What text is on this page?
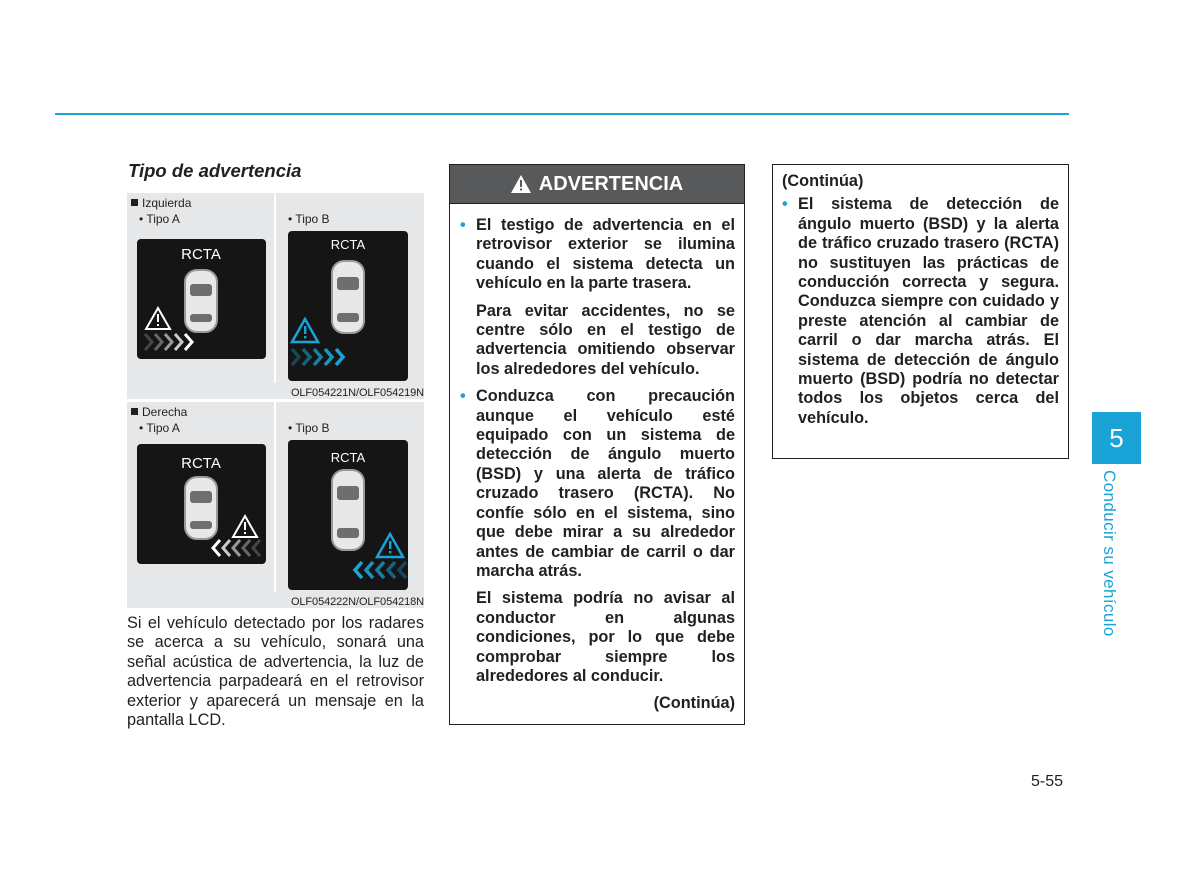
Tipo de advertencia
Izquierda
• Tipo A	• Tipo B
RCTA
RCTA
OLF054221N/OLF054219N
Derecha
• Tipo A	• Tipo B
RCTA	RCTA
OLF054222N/OLF054218N
Si el vehículo detectado por los radares se acerca a su vehículo, sonará una señal acústica de advertencia, la luz de advertencia parpadeará en el retrovisor exterior y aparecerá un mensaje en la pantalla LCD.
ADVERTENCIA
• El testigo de advertencia en el retrovisor exterior se ilumina cuando el sistema detecta un vehículo en la parte trasera.
Para evitar accidentes, no se centre sólo en el testigo de advertencia omitiendo observar los alrededores del vehículo.
• Conduzca con precaución aunque el vehículo esté equipado con un sistema de detección de ángulo muerto (BSD) y una alerta de tráfico cruzado trasero (RCTA). No confíe sólo en el sistema, sino que debe mirar a su alrededor antes de cambiar de carril o dar marcha atrás.
El sistema podría no avisar al conductor en algunas condiciones, por lo que debe comprobar siempre los alrededores al conducir.
(Continúa)
(Continúa)
• El sistema de detección de ángulo muerto (BSD) y la alerta de tráfico cruzado trasero (RCTA) no sustituyen las prácticas de conducción correcta y segura. Conduzca siempre con cuidado y preste atención al cambiar de carril o dar marcha atrás. El sistema de detección de ángulo muerto (BSD) podría no detectar todos los objetos cerca del vehículo.
5
Conducir su vehículo
5-55
